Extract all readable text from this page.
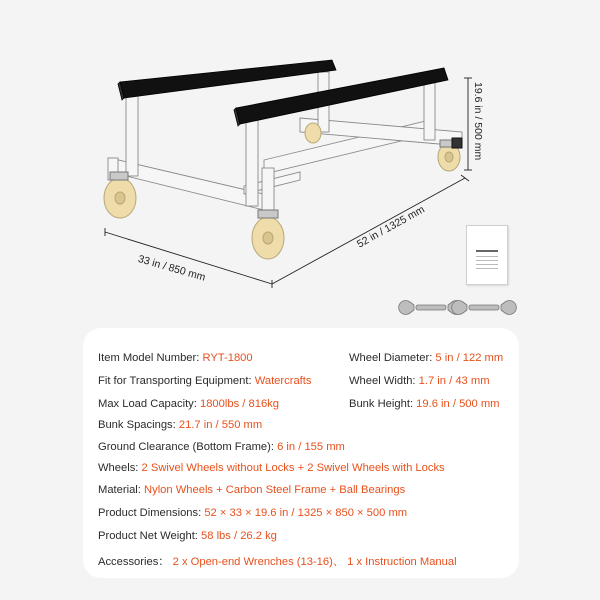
33 in / 850 mm
52 in / 1325 mm
19.6 in / 500 mm
Item Model Number: RYT-1800
Fit for Transporting Equipment: Watercrafts
Max Load Capacity: 1800lbs / 816kg
Bunk Spacings: 21.7 in / 550 mm
Ground Clearance (Bottom Frame): 6 in / 155 mm
Wheels: 2 Swivel Wheels without Locks + 2 Swivel Wheels with Locks
Material: Nylon Wheels + Carbon Steel Frame + Ball Bearings
Product Dimensions: 52 × 33 × 19.6 in / 1325 × 850 × 500 mm
Product Net Weight: 58 lbs / 26.2 kg
Accessories： 2 x Open-end Wrenches (13-16)、 1 x Instruction Manual
Wheel Diameter: 5 in / 122 mm
Wheel Width: 1.7 in / 43 mm
Bunk Height: 19.6 in / 500 mm
